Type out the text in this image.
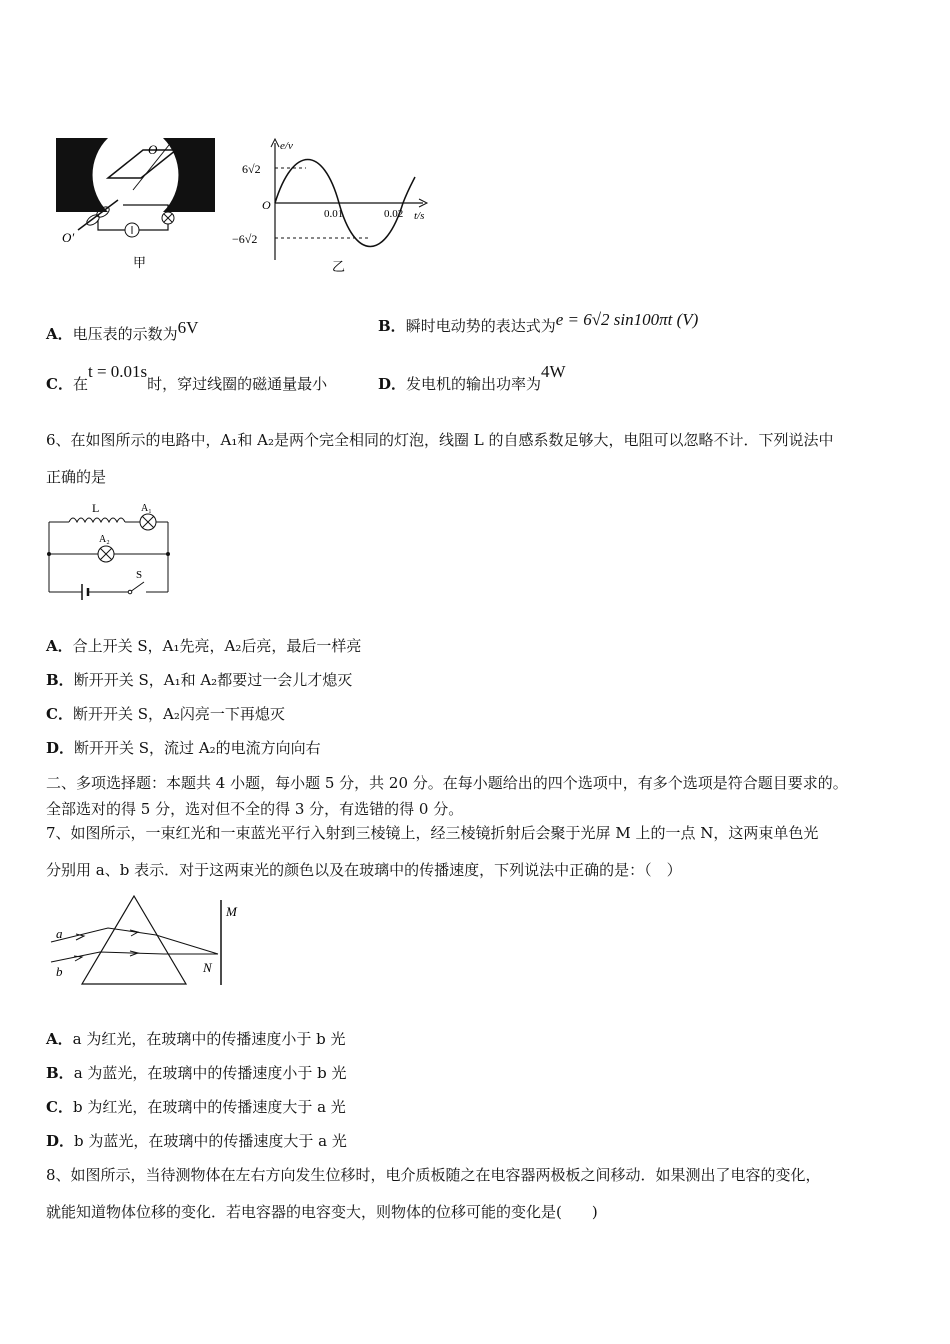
O
O′
甲
e/v
t/s
O
6√2
−6√2
0.01	0.02
乙
A．电压表的示数为6V	B．瞬时电动势的表达式为e = 6√2 sin100πt (V)
C．在t = 0.01s时，穿过线圈的磁通量最小	D．发电机的输出功率为4W
6、在如图所示的电路中，A₁和 A₂是两个完全相同的灯泡，线圈 L 的自感系数足够大，电阻可以忽略不计．下列说法中
正确的是
L	A₁
A₂
S
A．合上开关 S，A₁先亮，A₂后亮，最后一样亮
B．断开开关 S，A₁和 A₂都要过一会儿才熄灭
C．断开开关 S，A₂闪亮一下再熄灭
D．断开开关 S，流过 A₂的电流方向向右
二、多项选择题：本题共 4 小题，每小题 5 分，共 20 分。在每小题给出的四个选项中，有多个选项是符合题目要求的。
全部选对的得 5 分，选对但不全的得 3 分，有选错的得 0 分。
7、如图所示，一束红光和一束蓝光平行入射到三棱镜上，经三棱镜折射后会聚于光屏 M 上的一点 N，这两束单色光
分别用 a、b 表示．对于这两束光的颜色以及在玻璃中的传播速度，下列说法中正确的是：（　）
a
b
M
N
A．a 为红光，在玻璃中的传播速度小于 b 光
B．a 为蓝光，在玻璃中的传播速度小于 b 光
C．b 为红光，在玻璃中的传播速度大于 a 光
D．b 为蓝光，在玻璃中的传播速度大于 a 光
8、如图所示，当待测物体在左右方向发生位移时，电介质板随之在电容器两极板之间移动．如果测出了电容的变化，
就能知道物体位移的变化．若电容器的电容变大，则物体的位移可能的变化是(　　)
